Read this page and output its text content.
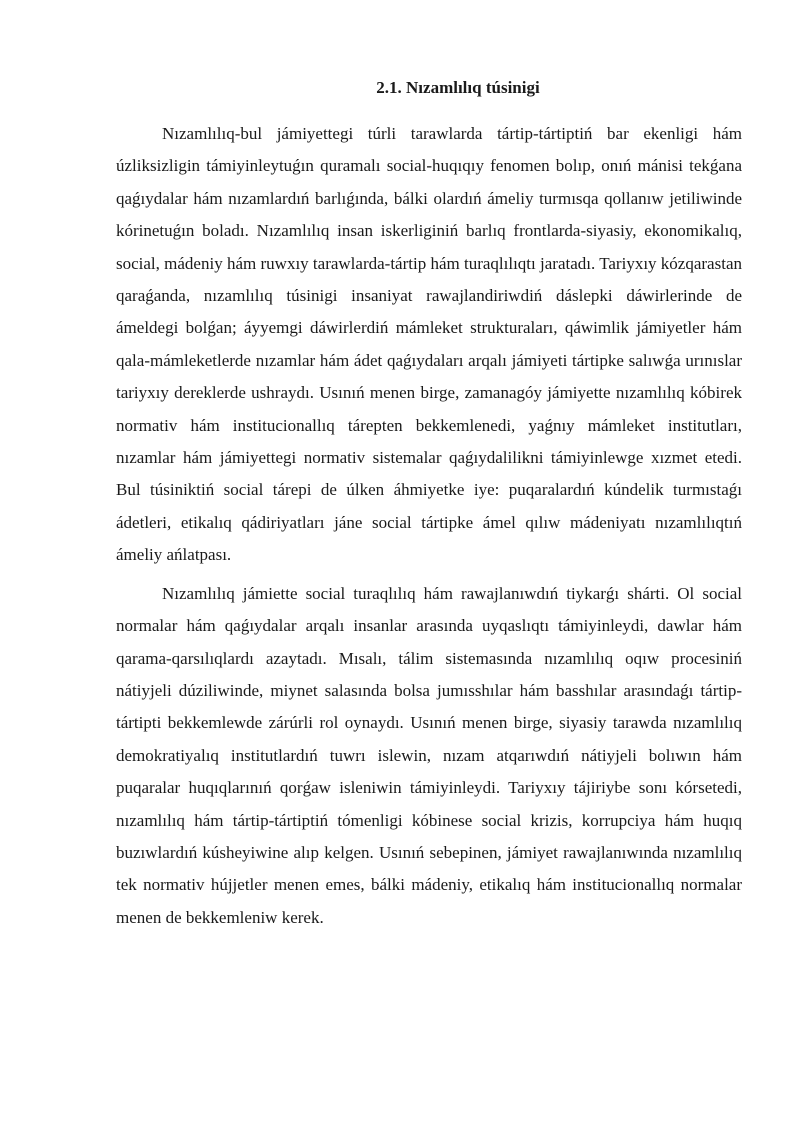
2.1. Nızamlılıq túsinigi

Nızamlılıq-bul jámiyettegi túrli tarawlarda tártip-tártiptiń bar ekenligi hám úzliksizligin támiyinleytuǵın quramalı social-huqıqıy fenomen bolıp, onıń mánisi tekǵana qaǵıydalar hám nızamlardıń barlıǵında, bálki olardıń ámeliy turmısqa qollanıw jetiliwinde kórinetuǵın boladı. Nızamlılıq insan iskerliginiń barlıq frontlarda-siyasiy, ekonomikalıq, social, mádeniy hám ruwxıy tarawlarda-tártip hám turaqlılıqtı jaratadı. Tariyxıy kózqarastan qaraǵanda, nızamlılıq túsinigi insaniyat rawajlandiriwdiń dáslepki dáwirlerinde de ámeldegi bolǵan; áyyemgi dáwirlerdiń mámleket strukturaları, qáwimlik jámiyetler hám qala-mámleketlerde nızamlar hám ádet qaǵıydaları arqalı jámiyeti tártipke salıwǵa urınıslar tariyxıy dereklerde ushraydı. Usınıń menen birge, zamanagóy jámiyette nızamlılıq kóbirek normativ hám institucionallıq tárepten bekkemlenedi, yaǵnıy mámleket institutları, nızamlar hám jámiyettegi normativ sistemalar qaǵıydalilikni támiyinlewge xızmet etedi. Bul túsiniktiń social tárepi de úlken áhmiyetke iye: puqaralardıń kúndelik turmıstaǵı ádetleri, etikalıq qádiriyatları jáne social tártipke ámel qılıw mádeniyatı nızamlılıqtıń ámeliy ańlatpası.

Nızamlılıq jámiette social turaqlılıq hám rawajlanıwdıń tiykarǵı shárti. Ol social normalar hám qaǵıydalar arqalı insanlar arasında uyqaslıqtı támiyinleydi, dawlar hám qarama-qarsılıqlardı azaytadı. Mısalı, tálim sistemasında nızamlılıq oqıw procesiniń nátiyjeli dúziliwinde, miynet salasında bolsa jumısshılar hám basshılar arasındaǵı tártip-tártipti bekkemlewde zárúrli rol oynaydı. Usınıń menen birge, siyasiy tarawda nızamlılıq demokratiyalıq institutlardıń tuwrı islewin, nızam atqarıwdıń nátiyjeli bolıwın hám puqaralar huqıqlarınıń qorǵaw isleniwin támiyinleydi. Tariyxıy tájiriybe sonı kórsetedi, nızamlılıq hám tártip-tártiptiń tómenligi kóbinese social krizis, korrupciya hám huqıq buzıwlardıń kúsheyiwine alıp kelgen. Usınıń sebepinen, jámiyet rawajlanıwında nızamlılıq tek normativ hújjetler menen emes, bálki mádeniy, etikalıq hám institucionallıq normalar menen de bekkemleniw kerek.
